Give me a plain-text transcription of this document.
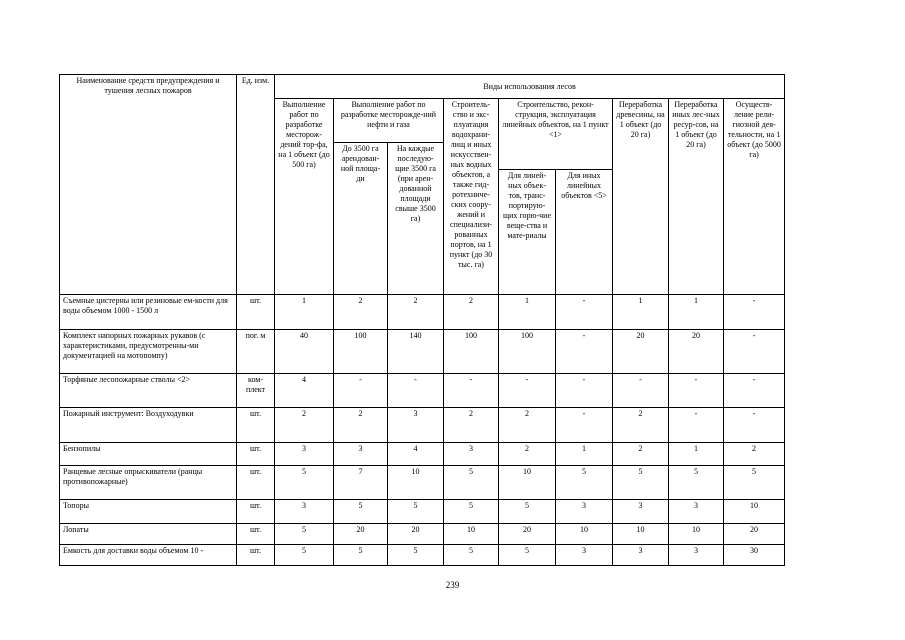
Наименование средств предупреждения и тушения лесных пожаров	Ед. изм.	Виды использования лесов								
		Выполнение работ по разработке месторож-дений тор-фа, на 1 объект (до 500 га)	Выполнение работ по разработке месторожде-ний нефти и газа		Строитель-ство и экс-плуатация водохрани-лищ и иных искусствен-ных водных объектов, а также гид-ротехниче-ских соору-жений и специализи-рованных портов, на 1 пункт (до 30 тыс. га)	Строительство, рекон-струкция, эксплуатация линейных объектов, на 1 пункт <1>		Переработка древесины, на 1 объект (до 20 га)	Переработка иных лес-ных ресур-сов, на 1 объект (до 20 га)	Осуществ-ление рели-гиозной дея-тельности, на 1 объект (до 5000 га)
			До 3500 га арендован-ной площа-ди	На каждые последую-щие 3500 га (при арен-дованной площади свыше 3500 га)						
						Для линей-ных объек-тов, транс-портирую-щих горю-чие веще-ства и мате-риалы	Для иных линейных объектов <5>			
Съемные цистерны или резиновые ем-кости для воды объемом 1000 - 1500 л	шт.	1	2	2	2	1	-	1	1	-
Комплект напорных пожарных рукавов (с характеристиками, предусмотренны-ми документацией на мотопомпу)	пог. м	40	100	140	100	100	-	20	20	-
Торфяные лесопожарные стволы <2>	ком-плект	4	-	-	-	-	-	-	-	-
Пожарный инструмент: Воздуходувки	шт.	2	2	3	2	2	-	2	-	-
Бензопилы	шт.	3	3	4	3	2	1	2	1	2
Ранцевые лесные опрыскиватели (ранцы противопожарные)	шт.	5	7	10	5	10	5	5	5	5
Топоры	шт.	3	5	5	5	5	3	3	3	10
Лопаты	шт.	5	20	20	10	20	10	10	10	20
Емкость для доставки воды объемом 10 -	шт.	5	5	5	5	5	3	3	3	30
239
